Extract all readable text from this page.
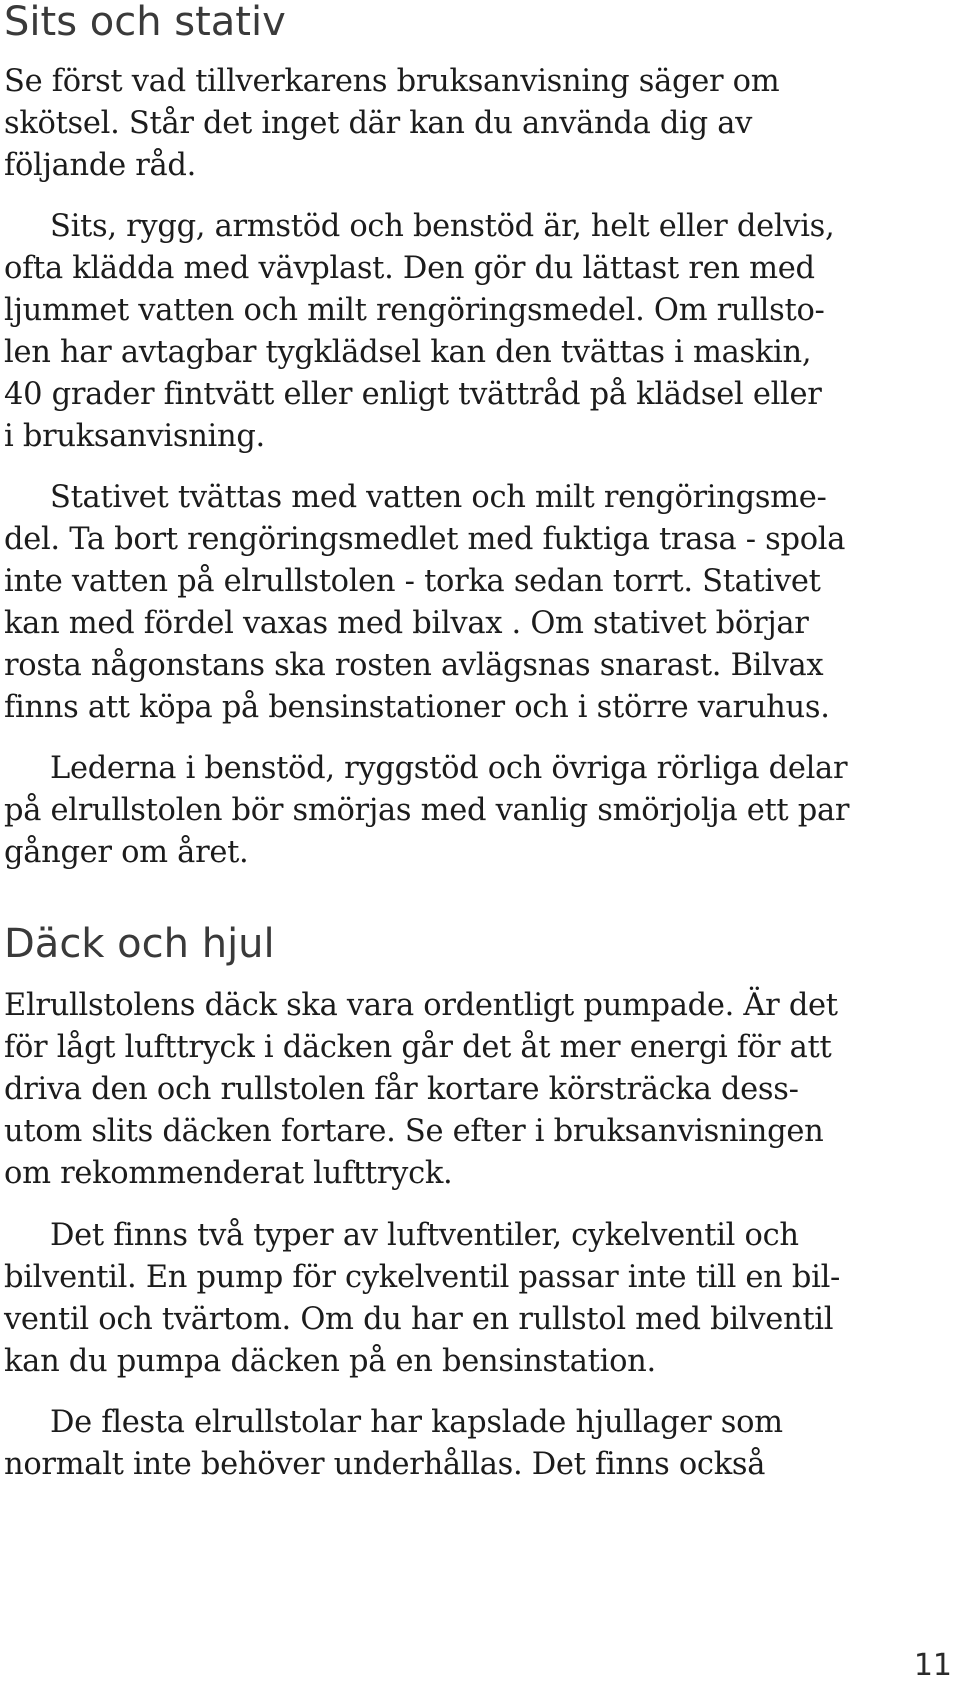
Sits och stativ

Se först vad tillverkarens bruksanvisning säger om

skötsel. Står det inget där kan du använda dig av

följande råd.

Sits, rygg, armstöd och benstöd är, helt eller delvis,

ofta klädda med vävplast. Den gör du lättast ren med

ljummet vatten och milt rengöringsmedel. Om rullsto-

len har avtagbar tygklädsel kan den tvättas i maskin,

40 grader fintvätt eller enligt tvättråd på klädsel eller

i bruksanvisning.

Stativet tvättas med vatten och milt rengöringsme-

del. Ta bort rengöringsmedlet med fuktiga trasa - spola

inte vatten på elrullstolen - torka sedan torrt. Stativet

kan med fördel vaxas med bilvax . Om stativet börjar

rosta någonstans ska rosten avlägsnas snarast. Bilvax

finns att köpa på bensinstationer och i större varuhus.

Lederna i benstöd, ryggstöd och övriga rörliga delar

på elrullstolen bör smörjas med vanlig smörjolja ett par

gånger om året.

Däck och hjul

Elrullstolens däck ska vara ordentligt pumpade. Är det

för lågt lufttryck i däcken går det åt mer energi för att

driva den och rullstolen får kortare körsträcka dess-

utom slits däcken fortare. Se efter i bruksanvisningen

om rekommenderat lufttryck.

Det finns två typer av luftventiler, cykelventil och

bilventil. En pump för cykelventil passar inte till en bil-

ventil och tvärtom. Om du har en rullstol med bilventil

kan du pumpa däcken på en bensinstation.

De flesta elrullstolar har kapslade hjullager som

normalt inte behöver underhållas. Det finns också

11
